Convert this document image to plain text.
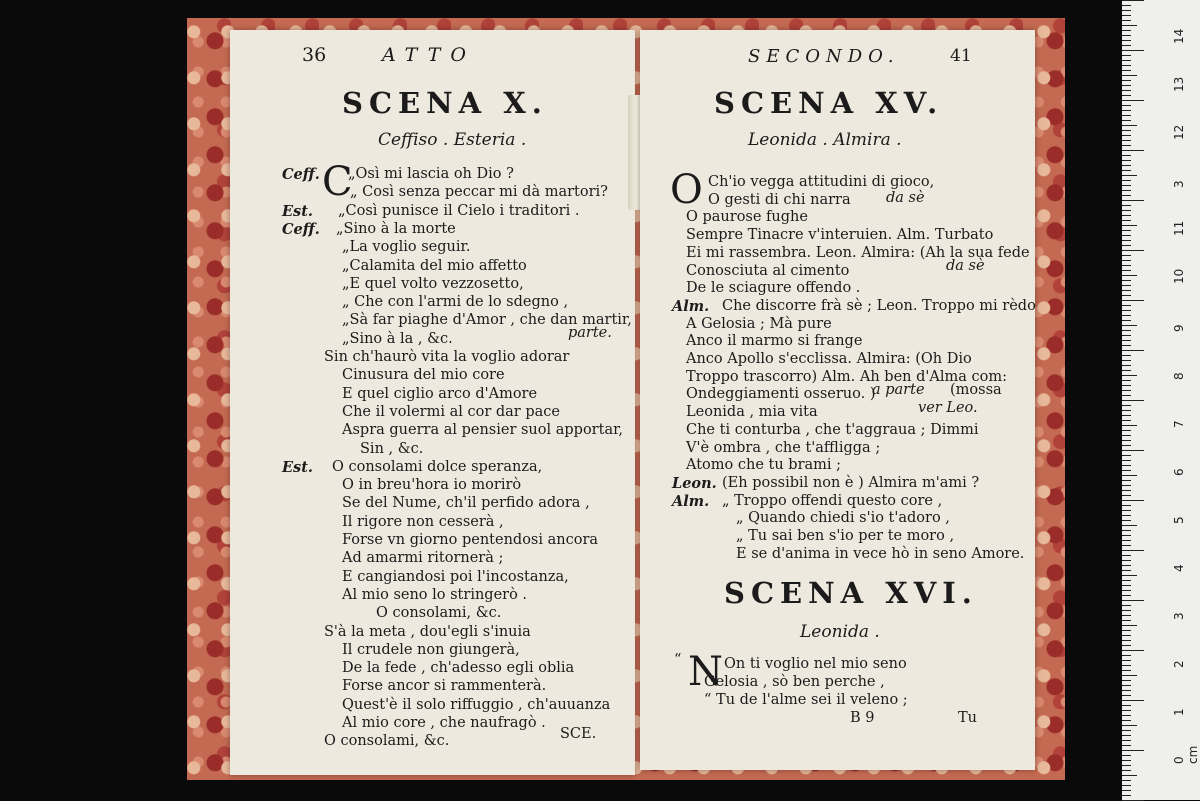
36	ATTO
SCENA X.
Ceffiso . Esteria .
Ceff. C
„Osì mi lascia oh Dio ?
„ Così senza peccar mi dà martori?
Est. „Così punisce il Cielo i traditori .
Ceff. „Sino à la morte
„La voglio seguir.
„Calamita del mio affetto
„E quel volto vezzosetto,
„ Che con l'armi de lo sdegno ,
„Sà far piaghe d'Amor , che dan martir,
„Sino à la , &c.
Sin ch'haurò vita la voglio adorar
Cinusura del mio core
E quel ciglio arco d'Amore
Che il volermi al cor dar pace
Aspra guerra al pensier suol apportar,
Sin , &c.
Est. O consolami dolce speranza,
O in breu'hora io morirò
Se del Nume, ch'il perfido adora ,
Il rigore non cesserà ,
Forse vn giorno pentendosi ancora
Ad amarmi ritornerà ;
E cangiandosi poi l'incostanza,
Al mio seno lo stringerò .
O consolami, &c.
S'à la meta , dou'egli s'inuia
Il crudele non giungerà,
De la fede , ch'adesso egli oblia
Forse ancor si rammenterà.
Quest'è il solo riffuggio , ch'auuanza
Al mio core , che naufragò .
O consolami, &c.
parte.
SCE.
SECONDO.	41
SCENA XV.
Leonida . Almira .
O Ch'io vegga attitudini di gioco,
O gesti di chi narra
O paurose fughe
Sempre Tinacre v'interuien. Alm. Turbato
Ei mi rassembra. Leon. Almira: (Ah la sua fede
Conosciuta al cimento
De le sciagure offendo .
Alm. Che discorre frà sè ; Leon. Troppo mi rèdo
A Gelosia ; Mà pure
Anco il marmo si frange
Anco Apollo s'ecclissa. Almira: (Oh Dio
Troppo trascorro) Alm. Ah ben d'Alma com:
Ondeggiamenti osseruo. )
Leonida , mia vita
Che ti conturba , che t'aggraua ; Dimmi
V'è ombra , che t'affligga ;
Atomo che tu brami ;
Leon. (Eh possibil non è ) Almira m'ami ?
Alm. „ Troppo offendi questo core ,
„ Quando chiedi s'io t'adoro ,
„ Tu sai ben s'io per te moro ,
E se d'anima in vece hò in seno Amore.
da sè
da sè
a parte (mossa
ver Leo.
SCENA XVI.
Leonida .
“ N On ti voglio nel mio seno
Gelosia , sò ben perche ,
“ Tu de l'alme sei il veleno ;
B 9	Tu
14
13
12
3
11
10
9
8
7
6
5
4
3
2
1
0 cm
